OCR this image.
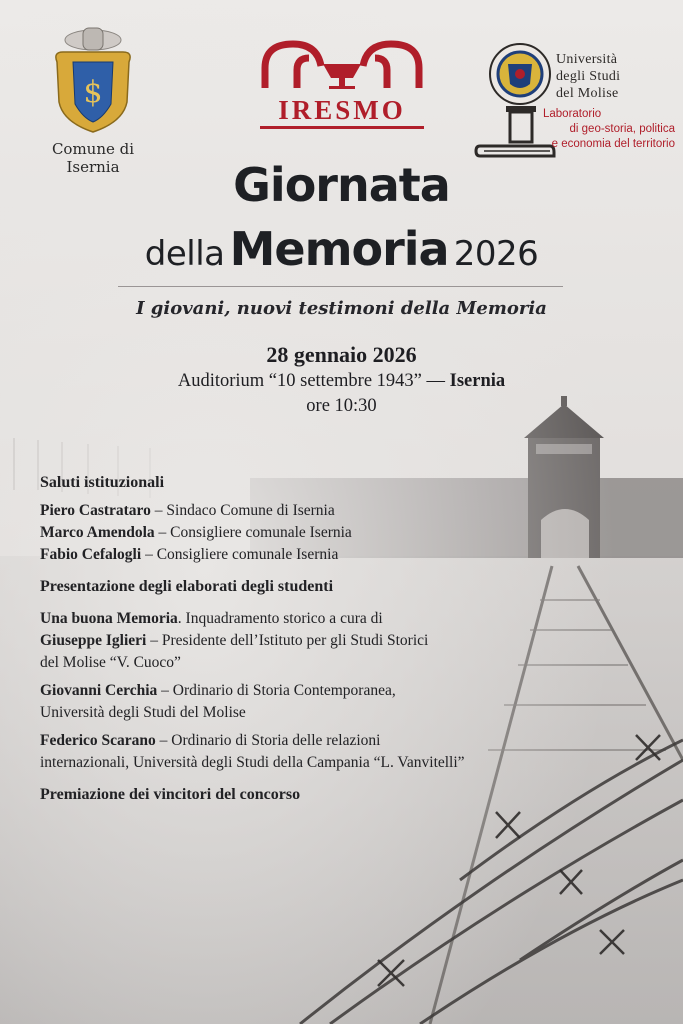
$
Comune di
Isernia
IRESMO
Università
degli Studi
del Molise
Laboratorio
di geo-storia, politica
e economia del territorio
Giornata
della Memoria 2026
I giovani, nuovi testimoni della Memoria
28 gennaio 2026
Auditorium “10 settembre 1943” — Isernia
ore 10:30
Saluti istituzionali
Piero Castrataro – Sindaco Comune di Isernia
Marco Amendola – Consigliere comunale Isernia
Fabio Cefalogli – Consigliere comunale Isernia
Presentazione degli elaborati degli studenti
Una buona Memoria. Inquadramento storico a cura di
Giuseppe Iglieri – Presidente dell’Istituto per gli Studi Storici
del Molise “V. Cuoco”
Giovanni Cerchia – Ordinario di Storia Contemporanea,
Università degli Studi del Molise
Federico Scarano – Ordinario di Storia delle relazioni
internazionali, Università degli Studi della Campania “L. Vanvitelli”
Premiazione dei vincitori del concorso
